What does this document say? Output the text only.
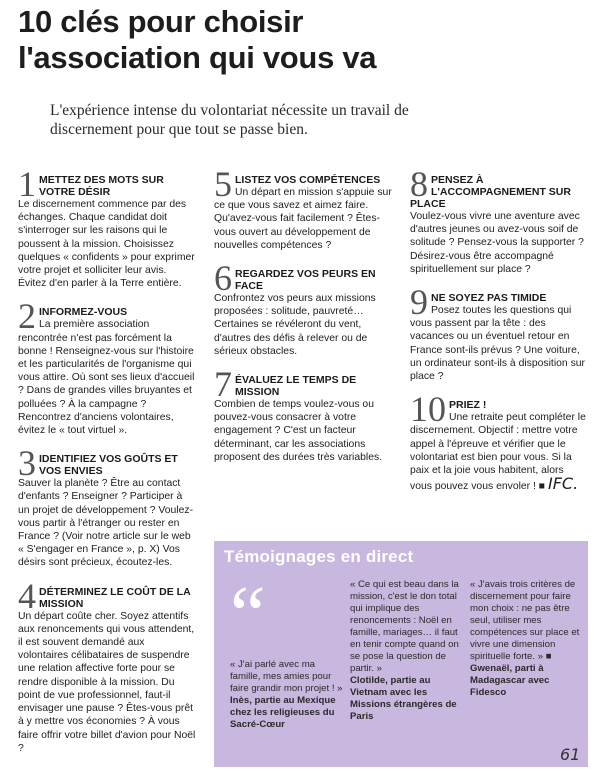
10 clés pour choisir
l'association qui vous va

L'expérience intense du volontariat nécessite un travail de discernement pour que tout se passe bien.

1 METTEZ DES MOTS SUR VOTRE DÉSIR
Le discernement commence par des échanges. Chaque candidat doit s'interroger sur les raisons qui le poussent à la mission. Choisissez quelques « confidents » pour exprimer votre projet et solliciter leur avis. Évitez d'en parler à la Terre entière.
2 INFORMEZ-VOUS
La première association rencontrée n'est pas forcément la bonne ! Renseignez-vous sur l'histoire et les particularités de l'organisme qui vous attire. Où sont ses lieux d'accueil ? Dans de grandes villes bruyantes et polluées ? À la campagne ? Rencontrez d'anciens volontaires, évitez le « tout virtuel ».
3 IDENTIFIEZ VOS GOÛTS ET VOS ENVIES
Sauver la planète ? Être au contact d'enfants ? Enseigner ? Participer à un projet de développement ? Voulez-vous partir à l'étranger ou rester en France ? (Voir notre article sur le web « S'engager en France », p. X) Vos désirs sont précieux, écoutez-les.
4 DÉTERMINEZ LE COÛT DE LA MISSION
Un départ coûte cher. Soyez attentifs aux renoncements qui vous attendent, il est souvent demandé aux volontaires célibataires de suspendre une relation affective forte pour se rendre disponible à la mission. Du point de vue professionnel, faut-il envisager une pause ? Êtes-vous prêt à y mettre vos économies ? À vous faire offrir votre billet d'avion pour Noël ?
5 LISTEZ VOS COMPÉTENCES
Un départ en mission s'appuie sur ce que vous savez et aimez faire. Qu'avez-vous fait facilement ? Êtes-vous ouvert au développement de nouvelles compétences ?
6 REGARDEZ VOS PEURS EN FACE
Confrontez vos peurs aux missions proposées : solitude, pauvreté… Certaines se révéleront du vent, d'autres des défis à relever ou de sérieux obstacles.
7 ÉVALUEZ LE TEMPS DE MISSION
Combien de temps voulez-vous ou pouvez-vous consacrer à votre engagement ? C'est un facteur déterminant, car les associations proposent des durées très variables.
8 PENSEZ À L'ACCOMPAGNEMENT SUR PLACE
Voulez-vous vivre une aventure avec d'autres jeunes ou avez-vous soif de solitude ? Pensez-vous la supporter ? Désirez-vous être accompagné spirituellement sur place ?
9 NE SOYEZ PAS TIMIDE
Posez toutes les questions qui vous passent par la tête : des vacances ou un éventuel retour en France sont-ils prévus ? Une voiture, un ordinateur sont-ils à disposition sur place ?
10 PRIEZ !
Une retraite peut compléter le discernement. Objectif : mettre votre appel à l'épreuve et vérifier que le volontariat est bien pour vous. Si la paix et la joie vous habitent, alors vous pouvez vous envoler ! ■ IFC.
Témoignages en direct
“
« J'ai parlé avec ma famille, mes amies pour faire grandir mon projet ! »
Inès, partie au Mexique chez les religieuses du Sacré-Cœur
« Ce qui est beau dans la mission, c'est le don total qui implique des renoncements : Noël en famille, mariages… il faut en tenir compte quand on se pose la question de partir. »
Clotilde, partie au Vietnam avec les Missions étrangères de Paris
« J'avais trois critères de discernement pour faire mon choix : ne pas être seul, utiliser mes compétences sur place et vivre une dimension spirituelle forte. » ■
Gwenaël, parti à Madagascar avec Fidesco
61
